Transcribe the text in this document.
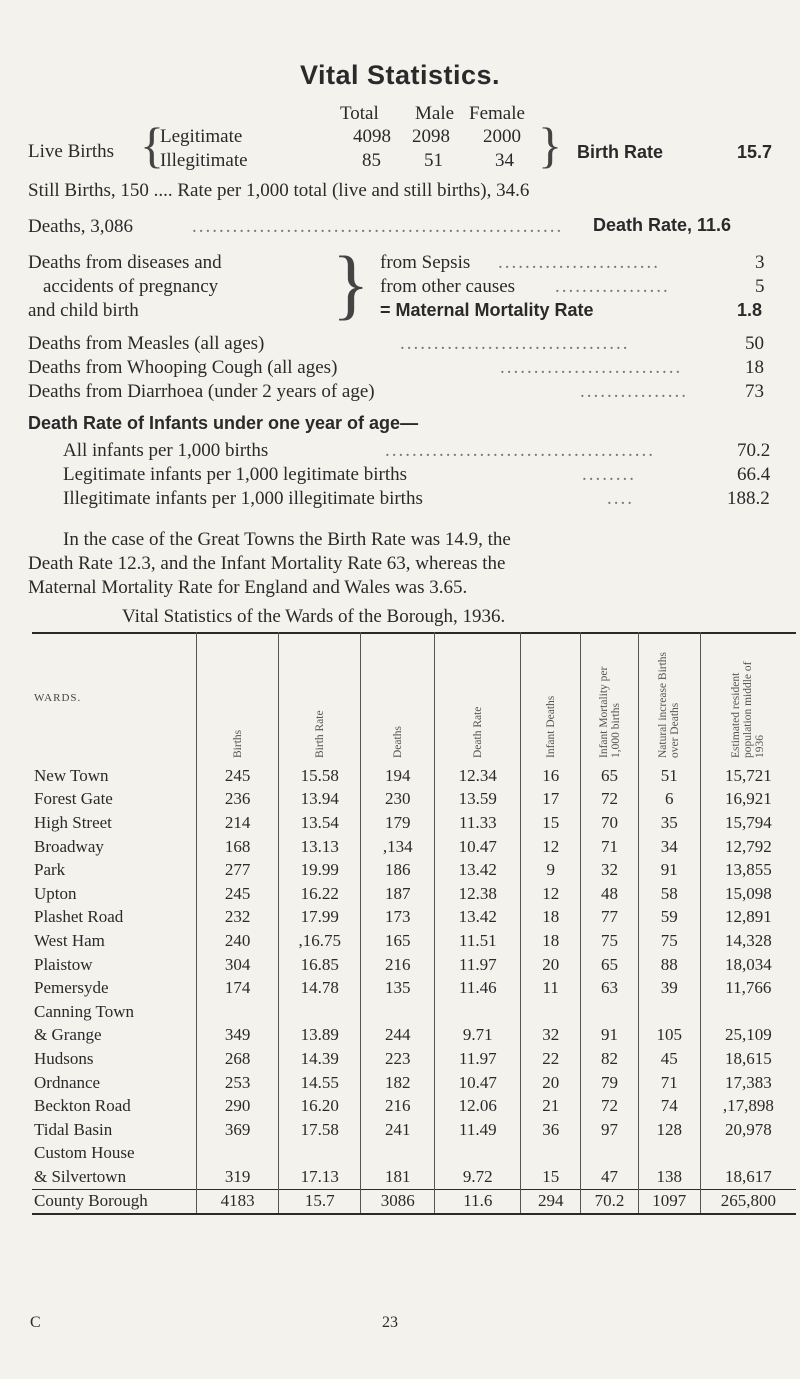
Vital Statistics.
Total Male Female
Live Births {
Legitimate	4098 2098 2000
Illegitimate	85 51	34 } Birth Rate	15.7
Still Births, 150 .... Rate per 1,000 total (live and still births), 34.6
Deaths, 3,086	....................................................... Death Rate, 11.6
Deaths from diseases and
accidents of pregnancy
and child birth } from Sepsis ........................	3
from other causes .................	5
= Maternal Mortality Rate	1.8
Deaths from Measles (all ages)	..................................	50
Deaths from Whooping Cough (all ages)	...........................	18
Deaths from Diarrhoea (under 2 years of age)	................	73
Death Rate of Infants under one year of age—
All infants per 1,000 births	........................................	70.2
Legitimate infants per 1,000 legitimate births	........	66.4
Illegitimate infants per 1,000 illegitimate births	....	188.2
In the case of the Great Towns the Birth Rate was 14.9, the
Death Rate 12.3, and the Infant Mortality Rate 63, whereas the
Maternal Mortality Rate for England and Wales was 3.65.
Vital Statistics of the Wards of the Borough, 1936.
WARDS.	Births	Birth Rate	Deaths	Death Rate	Infant Deaths	Infant Mortality per 1,000 births	Natural increase Births over Deaths	Estimated resident population middle of 1936

New Town	245	15.58	194	12.34	16	65	51	15,721
Forest Gate	236	13.94	230	13.59	17	72	6	16,921
High Street	214	13.54	179	11.33	15	70	35	15,794
Broadway	168	13.13	,134	10.47	12	71	34	12,792
Park	277	19.99	186	13.42	9	32	91	13,855
Upton	245	16.22	187	12.38	12	48	58	15,098
Plashet Road	232	17.99	173	13.42	18	77	59	12,891
West Ham	240	,16.75	165	11.51	18	75	75	14,328
Plaistow	304	16.85	216	11.97	20	65	88	18,034
Pemersyde	174	14.78	135	11.46	11	63	39	11,766
Canning Town								
& Grange	349	13.89	244	9.71	32	91	105	25,109
Hudsons	268	14.39	223	11.97	22	82	45	18,615
Ordnance	253	14.55	182	10.47	20	79	71	17,383
Beckton Road	290	16.20	216	12.06	21	72	74	,17,898
Tidal Basin	369	17.58	241	11.49	36	97	128	20,978
Custom House								
& Silvertown	319	17.13	181	9.72	15	47	138	18,617
County Borough	4183	15.7	3086	11.6	294	70.2	1097	265,800
C	23
